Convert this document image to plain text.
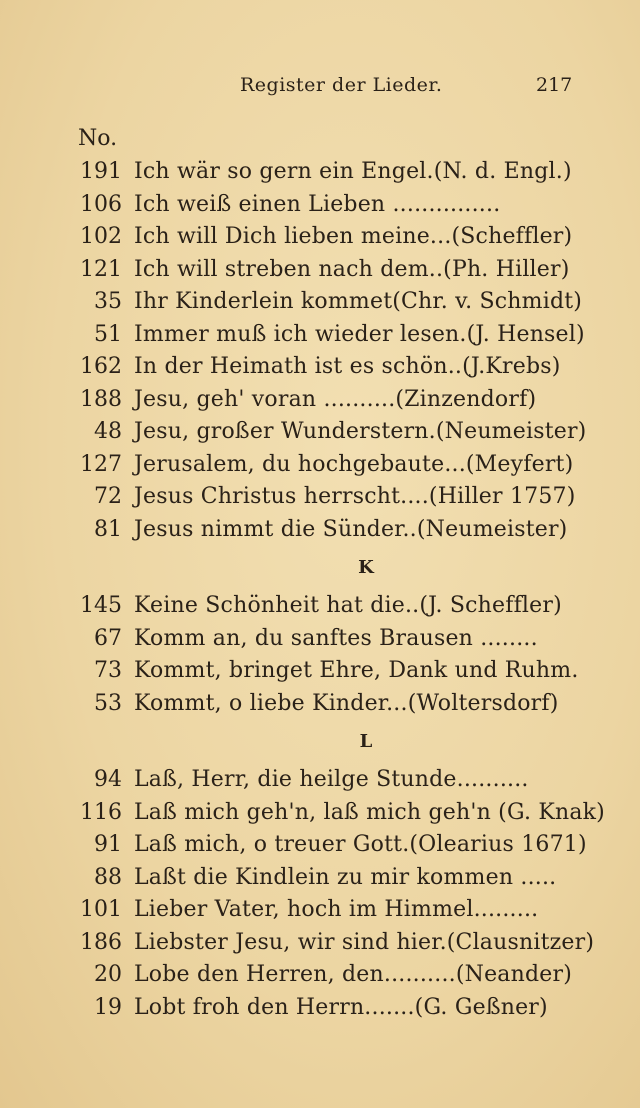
Register der Lieder.	217
No.
191 Ich wär so gern ein Engel.(N. d. Engl.)
106 Ich weiß einen Lieben ...............
102 Ich will Dich lieben meine...(Scheffler)
121 Ich will streben nach dem..(Ph. Hiller)
35 Ihr Kinderlein kommet(Chr. v. Schmidt)
51 Immer muß ich wieder lesen.(J. Hensel)
162 In der Heimath ist es schön..(J.Krebs)
188 Jesu, geh' voran ..........(Zinzendorf)
48 Jesu, großer Wunderstern.(Neumeister)
127 Jerusalem, du hochgebaute...(Meyfert)
72 Jesus Christus herrscht....(Hiller 1757)
81 Jesus nimmt die Sünder..(Neumeister)
K
145 Keine Schönheit hat die..(J. Scheffler)
67 Komm an, du sanftes Brausen ........
73 Kommt, bringet Ehre, Dank und Ruhm.
53 Kommt, o liebe Kinder...(Woltersdorf)
L
94 Laß, Herr, die heilge Stunde..........
116 Laß mich geh'n, laß mich geh'n (G. Knak)
91 Laß mich, o treuer Gott.(Olearius 1671)
88 Laßt die Kindlein zu mir kommen .....
101 Lieber Vater, hoch im Himmel.........
186 Liebster Jesu, wir sind hier.(Clausnitzer)
20 Lobe den Herren, den..........(Neander)
19 Lobt froh den Herrn.......(G. Geßner)
